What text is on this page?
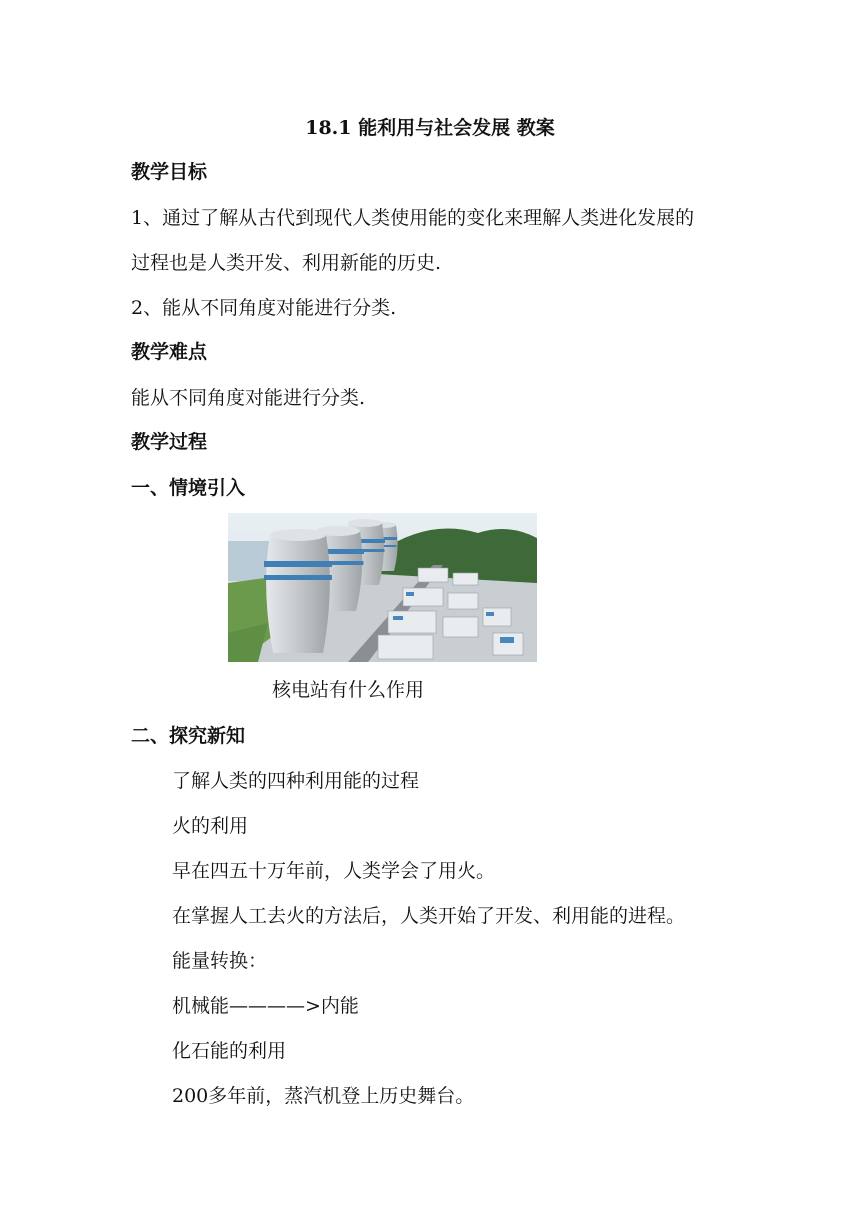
18.1 能利用与社会发展 教案
教学目标
1、通过了解从古代到现代人类使用能的变化来理解人类进化发展的
过程也是人类开发、利用新能的历史.
2、能从不同角度对能进行分类.
教学难点
能从不同角度对能进行分类.
教学过程
一、情境引入
核电站有什么作用
二、探究新知
了解人类的四种利用能的过程
火的利用
早在四五十万年前，人类学会了用火。
在掌握人工去火的方法后，人类开始了开发、利用能的进程。
能量转换：
机械能————>内能
化石能的利用
200多年前，蒸汽机登上历史舞台。
